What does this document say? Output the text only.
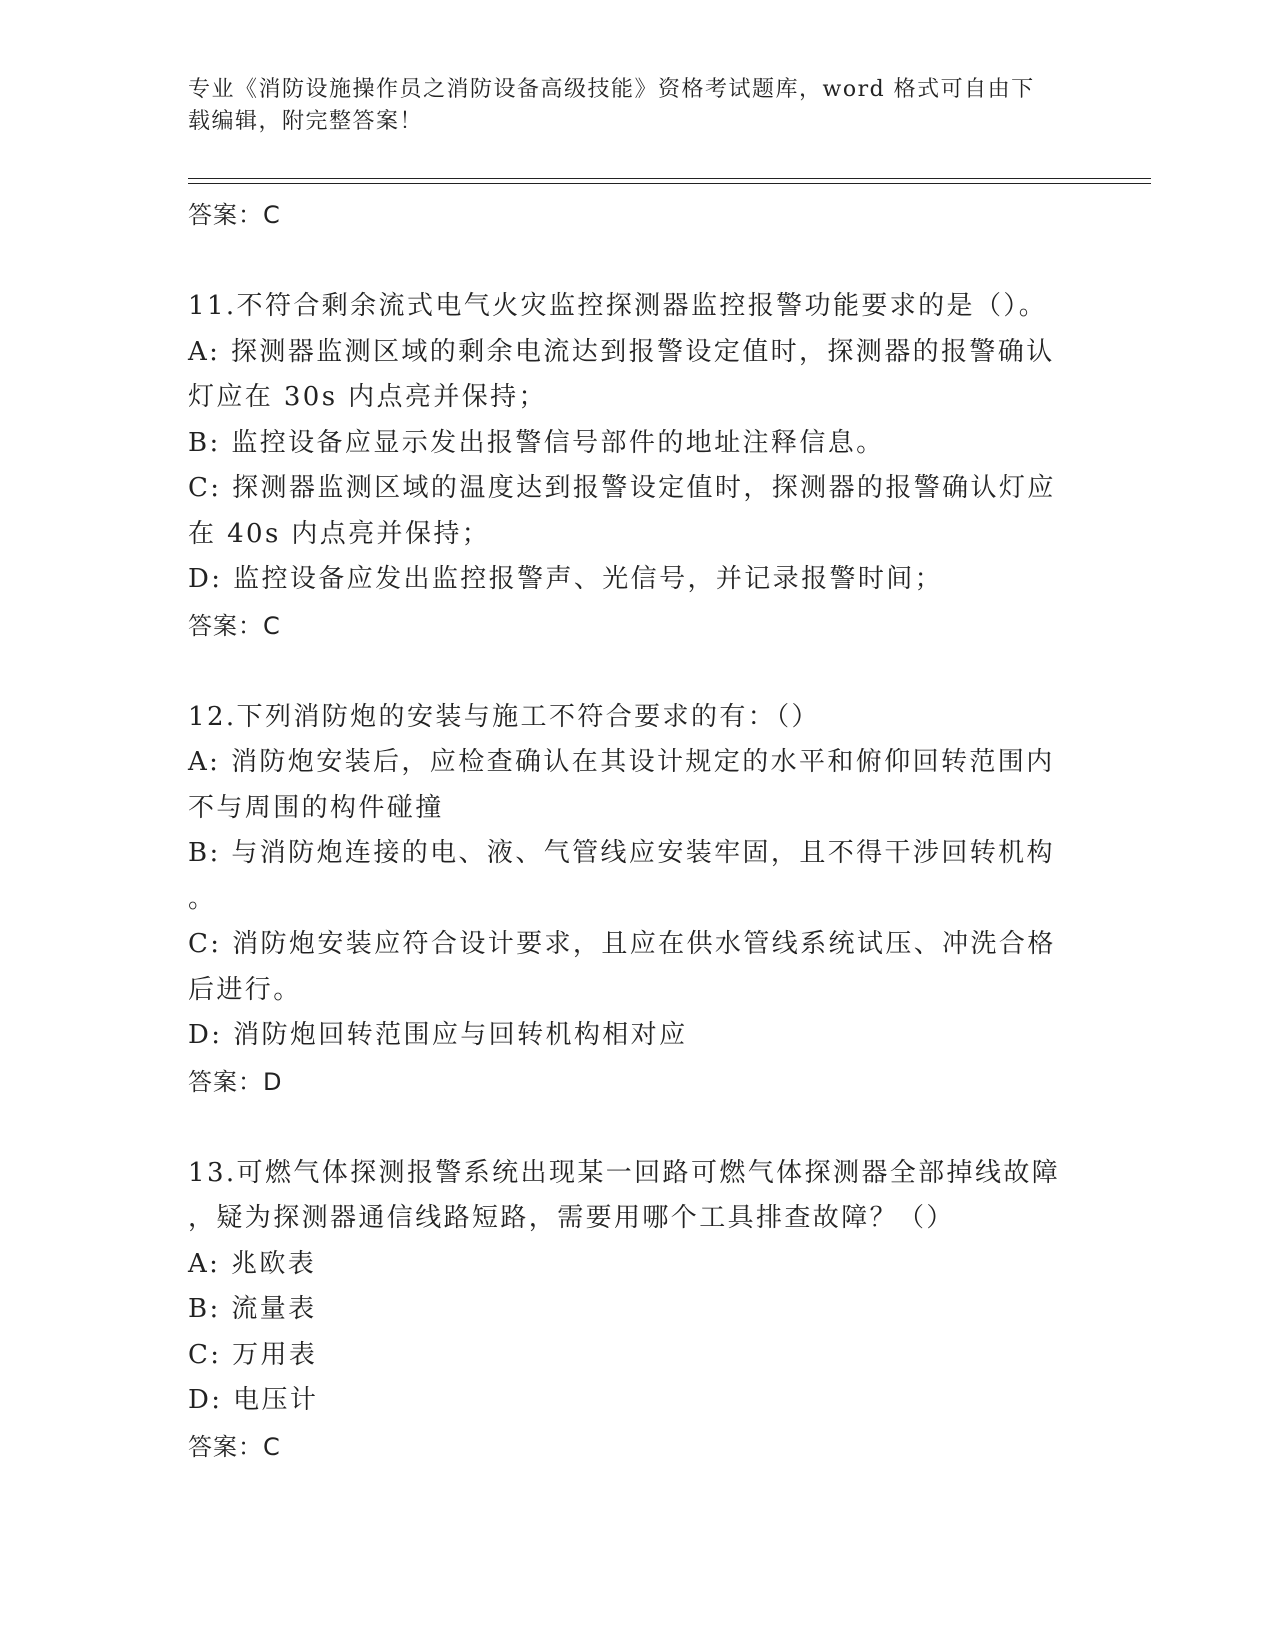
专业《消防设施操作员之消防设备高级技能》资格考试题库，word 格式可自由下
载编辑，附完整答案！
答案：C
11.不符合剩余流式电气火灾监控探测器监控报警功能要求的是（）。
A: 探测器监测区域的剩余电流达到报警设定值时，探测器的报警确认
灯应在 30s 内点亮并保持；
B: 监控设备应显示发出报警信号部件的地址注释信息。
C: 探测器监测区域的温度达到报警设定值时，探测器的报警确认灯应
在 40s 内点亮并保持；
D: 监控设备应发出监控报警声、光信号，并记录报警时间；
答案：C
12.下列消防炮的安装与施工不符合要求的有：（）
A: 消防炮安装后，应检查确认在其设计规定的水平和俯仰回转范围内
不与周围的构件碰撞
B: 与消防炮连接的电、液、气管线应安装牢固，且不得干涉回转机构
。
C: 消防炮安装应符合设计要求，且应在供水管线系统试压、冲洗合格
后进行。
D: 消防炮回转范围应与回转机构相对应
答案：D
13.可燃气体探测报警系统出现某一回路可燃气体探测器全部掉线故障
，疑为探测器通信线路短路，需要用哪个工具排查故障？（）
A: 兆欧表
B: 流量表
C: 万用表
D: 电压计
答案：C
